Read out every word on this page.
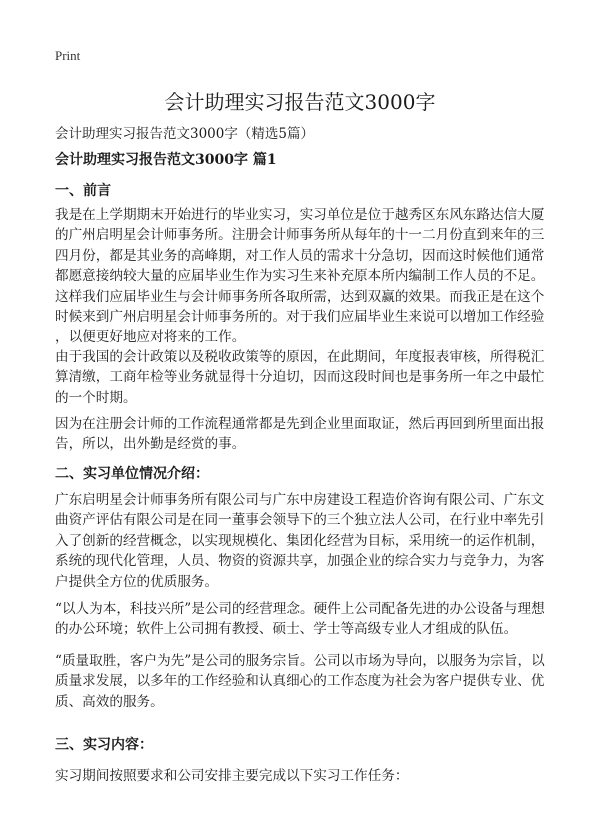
Print
会计助理实习报告范文3000字
会计助理实习报告范文3000字（精选5篇）
会计助理实习报告范文3000字 篇1
一、前言
我是在上学期期末开始进行的毕业实习，实习单位是位于越秀区东风东路达信大厦
的广州启明星会计师事务所。注册会计师事务所从每年的十一二月份直到来年的三
四月份，都是其业务的高峰期，对工作人员的需求十分急切，因而这时候他们通常
都愿意接纳较大量的应届毕业生作为实习生来补充原本所内编制工作人员的不足。
这样我们应届毕业生与会计师事务所各取所需，达到双赢的效果。而我正是在这个
时候来到广州启明星会计师事务所的。对于我们应届毕业生来说可以增加工作经验
，以便更好地应对将来的工作。
由于我国的会计政策以及税收政策等的原因，在此期间，年度报表审核，所得税汇
算清缴，工商年检等业务就显得十分迫切，因而这段时间也是事务所一年之中最忙
的一个时期。
因为在注册会计师的工作流程通常都是先到企业里面取证，然后再回到所里面出报
告，所以，出外勤是经赏的事。
二、实习单位情况介绍：
广东启明星会计师事务所有限公司与广东中房建设工程造价咨询有限公司、广东文
曲资产评估有限公司是在同一董事会领导下的三个独立法人公司，在行业中率先引
入了创新的经营概念，以实现规模化、集团化经营为目标，采用统一的运作机制，
系统的现代化管理，人员、物资的资源共享，加强企业的综合实力与竞争力，为客
户提供全方位的优质服务。
“以人为本，科技兴所”是公司的经营理念。硬件上公司配备先进的办公设备与理想
的办公环境；软件上公司拥有教授、硕士、学士等高级专业人才组成的队伍。
“质量取胜，客户为先”是公司的服务宗旨。公司以市场为导向，以服务为宗旨，以
质量求发展，以多年的工作经验和认真细心的工作态度为社会为客户提供专业、优
质、高效的服务。
三、实习内容：
实习期间按照要求和公司安排主要完成以下实习工作任务：
